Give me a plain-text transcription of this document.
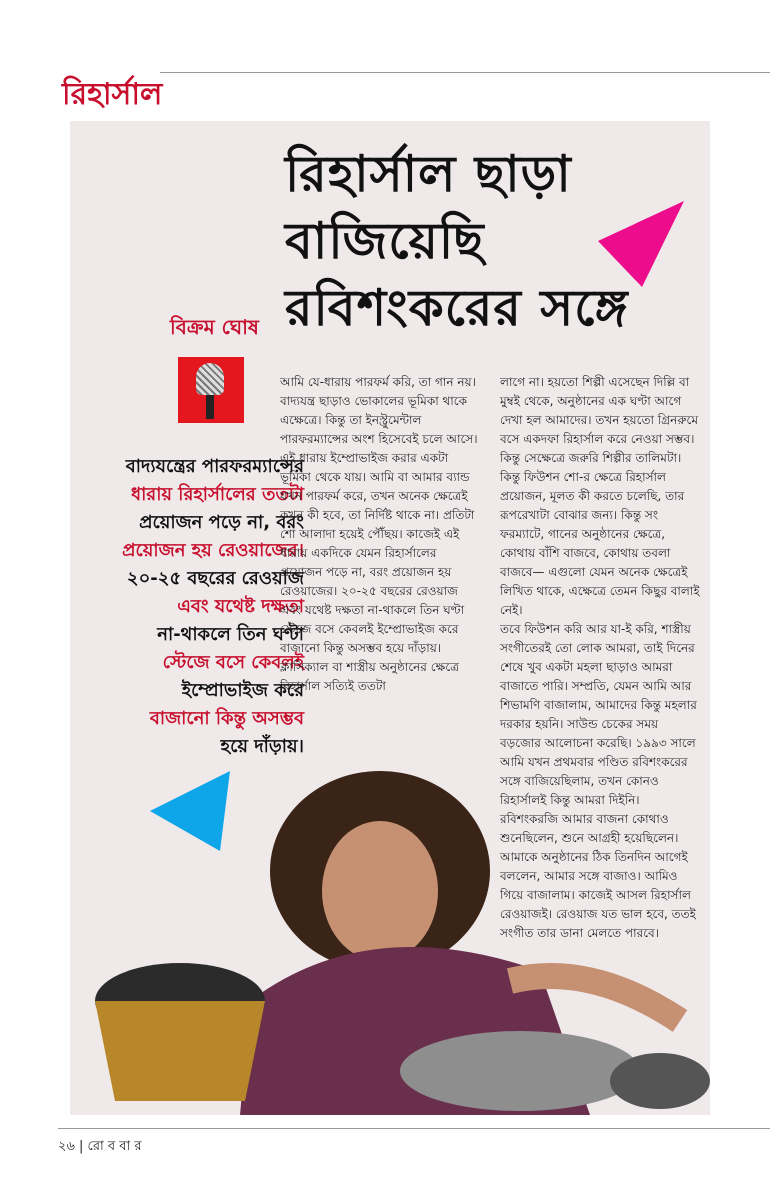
রিহার্সাল
রিহার্সাল ছাড়া
বাজিয়েছি
রবিশংকরের সঙ্গে
বিক্রম ঘোষ
বাদ্যযন্ত্রের পারফরম্যান্সের
ধারায় রিহার্সালের ততটা
প্রয়োজন পড়ে না, বরং
প্রয়োজন হয় রেওয়াজের।
২০-২৫ বছরের রেওয়াজ
এবং যথেষ্ট দক্ষতা
না-থাকলে তিন ঘণ্টা
স্টেজে বসে কেবলই
ইম্প্রোভাইজ করে
বাজানো কিন্তু অসম্ভব
হয়ে দাঁড়ায়।

আমি যে-ধারায় পারফর্ম করি, তা গান নয়। বাদ্যযন্ত্র ছাড়াও ভোকালের ভূমিকা থাকে এক্ষেত্রে। কিন্তু তা ইনস্ট্রুমেন্টাল পারফরম্যান্সের অংশ হিসেবেই চলে আসে। এই ধারায় ইম্প্রোভাইজ করার একটা ভূমিকা থেকে যায়। আমি বা আমার ব্যান্ড যখন পারফর্ম করে, তখন অনেক ক্ষেত্রেই কখন কী হবে, তা নির্দিষ্ট থাকে না। প্রতিটা শো আলাদা হয়েই পৌঁছয়। কাজেই এই ধারায় একদিকে যেমন রিহার্সালের প্রয়োজন পড়ে না, বরং প্রয়োজন হয় রেওয়াজের। ২০-২৫ বছরের রেওয়াজ এবং যথেষ্ট দক্ষতা না-থাকলে তিন ঘণ্টা স্টেজে বসে কেবলই ইম্প্রোভাইজ করে বাজানো কিন্তু অসম্ভব হয়ে দাঁড়ায়।

ক্লাসিক্যাল বা শাস্ত্রীয় অনুষ্ঠানের ক্ষেত্রে রিহার্সাল সত্যিই ততটা

লাগে না। হয়তো শিল্পী এসেছেন দিল্লি বা মুম্বই থেকে, অনুষ্ঠানের এক ঘণ্টা আগে দেখা হল আমাদের। তখন হয়তো গ্রিনরুমে বসে একদফা রিহার্সাল করে নেওয়া সম্ভব। কিন্তু সেক্ষেত্রে জরুরি শিল্পীর তালিমটা। কিন্তু ফিউশন শো-র ক্ষেত্রে রিহার্সাল প্রয়োজন, মূলত কী করতে চলেছি, তার রূপরেখাটা বোঝার জন্য। কিন্তু সং ফরম্যাটে, গানের অনুষ্ঠানের ক্ষেত্রে, কোথায় বাঁশি বাজবে, কোথায় তবলা বাজবে— এগুলো যেমন অনেক ক্ষেত্রেই লিখিত থাকে, এক্ষেত্রে তেমন কিছুর বালাই নেই।

তবে ফিউশন করি আর যা-ই করি, শাস্ত্রীয় সংগীতেরই তো লোক আমরা, তাই দিনের শেষে খুব একটা মহলা ছাড়াও আমরা বাজাতে পারি। সম্প্রতি, যেমন আমি আর শিভামণি বাজালাম, আমাদের কিন্তু মহলার দরকার হয়নি। সাউন্ড চেকের সময় বড়জোর আলোচনা করেছি। ১৯৯৩ সালে আমি যখন প্রথমবার পণ্ডিত রবিশংকরের সঙ্গে বাজিয়েছিলাম, তখন কোনও রিহার্সালই কিন্তু আমরা দিইনি। রবিশংকরজি আমার বাজনা কোথাও শুনেছিলেন, শুনে আগ্রহী হয়েছিলেন। আমাকে অনুষ্ঠানের ঠিক তিনদিন আগেই বললেন, আমার সঙ্গে বাজাও। আমিও গিয়ে বাজালাম। কাজেই আসল রিহার্সাল রেওয়াজই। রেওয়াজ যত ভাল হবে, ততই সংগীত তার ডানা মেলতে পারবে।

২৬ | রো ব বা র
